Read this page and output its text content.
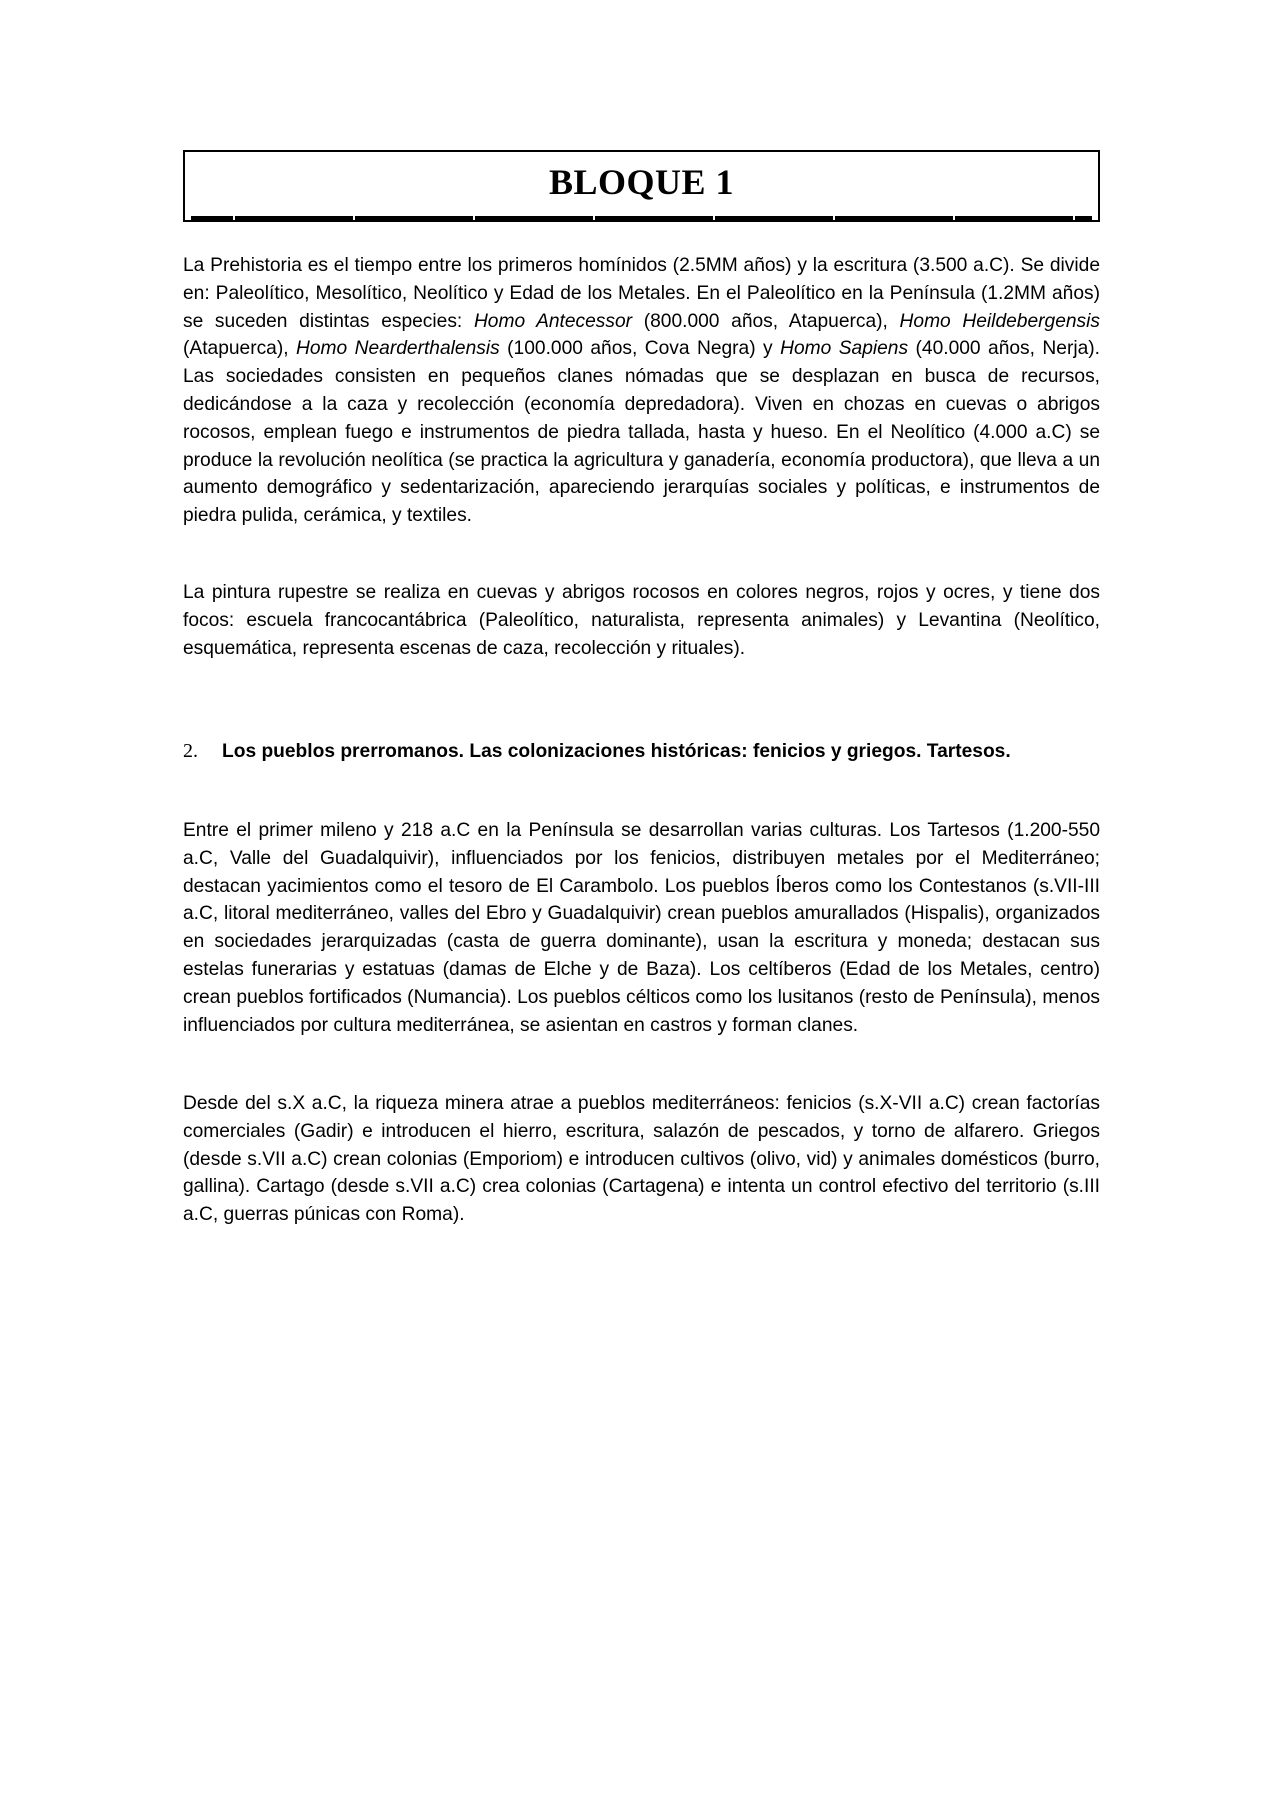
BLOQUE 1

La Prehistoria es el tiempo entre los primeros homínidos (2.5MM años) y la escritura (3.500 a.C). Se divide en: Paleolítico, Mesolítico, Neolítico y Edad de los Metales. En el Paleolítico en la Península (1.2MM años) se suceden distintas especies: Homo Antecessor (800.000 años, Atapuerca), Homo Heildebergensis (Atapuerca), Homo Nearderthalensis (100.000 años, Cova Negra) y Homo Sapiens (40.000 años, Nerja). Las sociedades consisten en pequeños clanes nómadas que se desplazan en busca de recursos, dedicándose a la caza y recolección (economía depredadora). Viven en chozas en cuevas o abrigos rocosos, emplean fuego e instrumentos de piedra tallada, hasta y hueso. En el Neolítico (4.000 a.C) se produce la revolución neolítica (se practica la agricultura y ganadería, economía productora), que lleva a un aumento demográfico y sedentarización, apareciendo jerarquías sociales y políticas, e instrumentos de piedra pulida, cerámica, y textiles.

La pintura rupestre se realiza en cuevas y abrigos rocosos en colores negros, rojos y ocres, y tiene dos focos: escuela francocantábrica (Paleolítico, naturalista, representa animales) y Levantina (Neolítico, esquemática, representa escenas de caza, recolección y rituales).

2. Los pueblos prerromanos. Las colonizaciones históricas: fenicios y griegos. Tartesos.

Entre el primer mileno y 218 a.C en la Península se desarrollan varias culturas. Los Tartesos (1.200-550 a.C, Valle del Guadalquivir), influenciados por los fenicios, distribuyen metales por el Mediterráneo; destacan yacimientos como el tesoro de El Carambolo. Los pueblos Íberos como los Contestanos (s.VII-III a.C, litoral mediterráneo, valles del Ebro y Guadalquivir) crean pueblos amurallados (Hispalis), organizados en sociedades jerarquizadas (casta de guerra dominante), usan la escritura y moneda; destacan sus estelas funerarias y estatuas (damas de Elche y de Baza). Los celtíberos (Edad de los Metales, centro) crean pueblos fortificados (Numancia). Los pueblos célticos como los lusitanos (resto de Península), menos influenciados por cultura mediterránea, se asientan en castros y forman clanes.

Desde del s.X a.C, la riqueza minera atrae a pueblos mediterráneos: fenicios (s.X-VII a.C) crean factorías comerciales (Gadir) e introducen el hierro, escritura, salazón de pescados, y torno de alfarero. Griegos (desde s.VII a.C) crean colonias (Emporiom) e introducen cultivos (olivo, vid) y animales domésticos (burro, gallina). Cartago (desde s.VII a.C) crea colonias (Cartagena) e intenta un control efectivo del territorio (s.III a.C, guerras púnicas con Roma).
